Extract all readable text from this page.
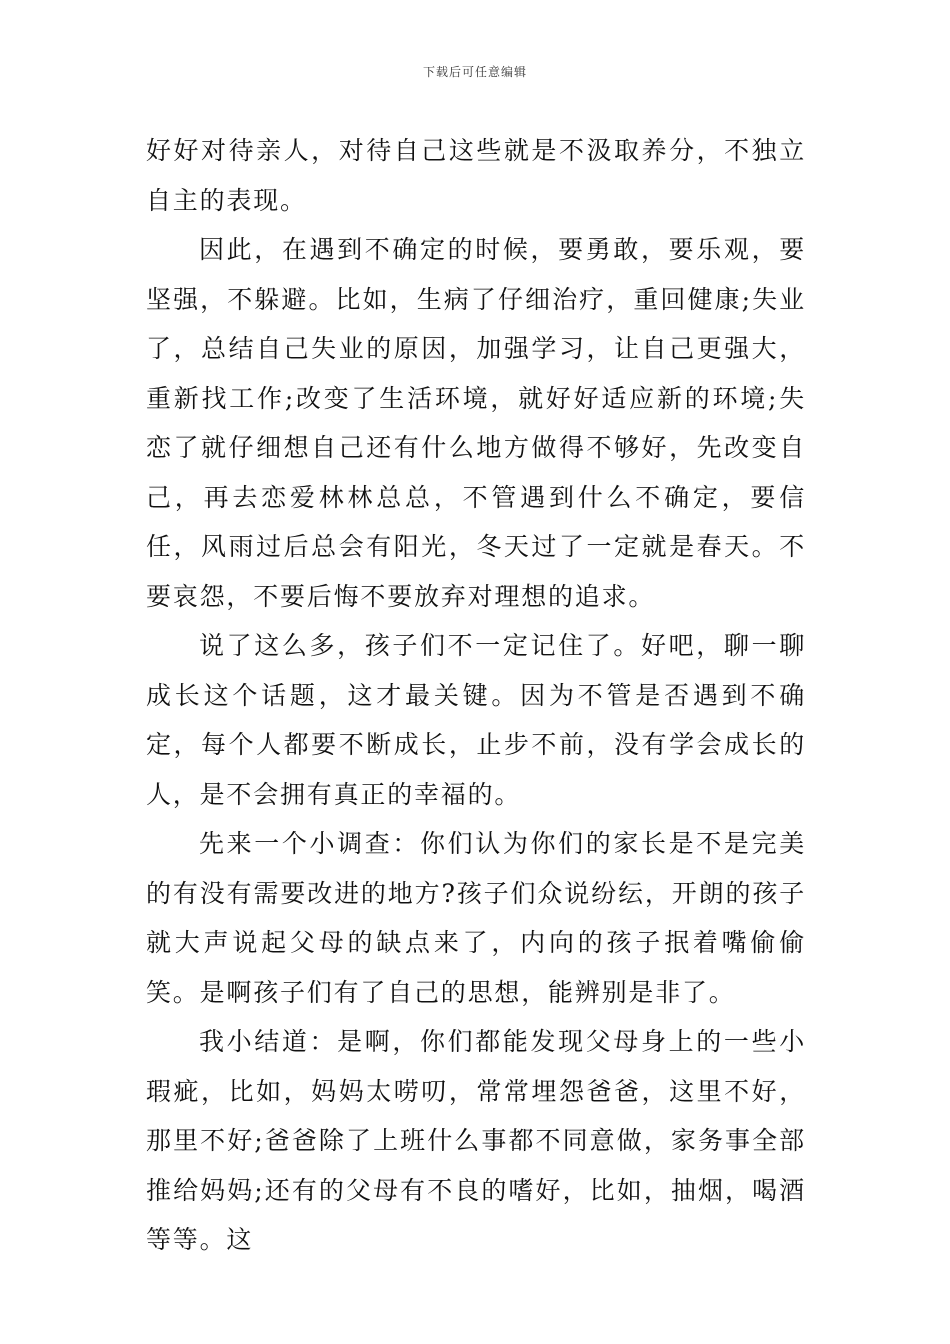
下载后可任意编辑

好好对待亲人，对待自己这些就是不汲取养分，不独立自主的表现。

因此，在遇到不确定的时候，要勇敢，要乐观，要坚强，不躲避。比如，生病了仔细治疗，重回健康;失业了，总结自己失业的原因，加强学习，让自己更强大，重新找工作;改变了生活环境，就好好适应新的环境;失恋了就仔细想自己还有什么地方做得不够好，先改变自己，再去恋爱林林总总，不管遇到什么不确定，要信任，风雨过后总会有阳光，冬天过了一定就是春天。不要哀怨，不要后悔不要放弃对理想的追求。

说了这么多，孩子们不一定记住了。好吧，聊一聊成长这个话题，这才最关键。因为不管是否遇到不确定，每个人都要不断成长，止步不前，没有学会成长的人，是不会拥有真正的幸福的。

先来一个小调查：你们认为你们的家长是不是完美的有没有需要改进的地方?孩子们众说纷纭，开朗的孩子就大声说起父母的缺点来了，内向的孩子抿着嘴偷偷笑。是啊孩子们有了自己的思想，能辨别是非了。

我小结道：是啊，你们都能发现父母身上的一些小瑕疵，比如，妈妈太唠叨，常常埋怨爸爸，这里不好，那里不好;爸爸除了上班什么事都不同意做，家务事全部推给妈妈;还有的父母有不良的嗜好，比如，抽烟，喝酒等等。这
